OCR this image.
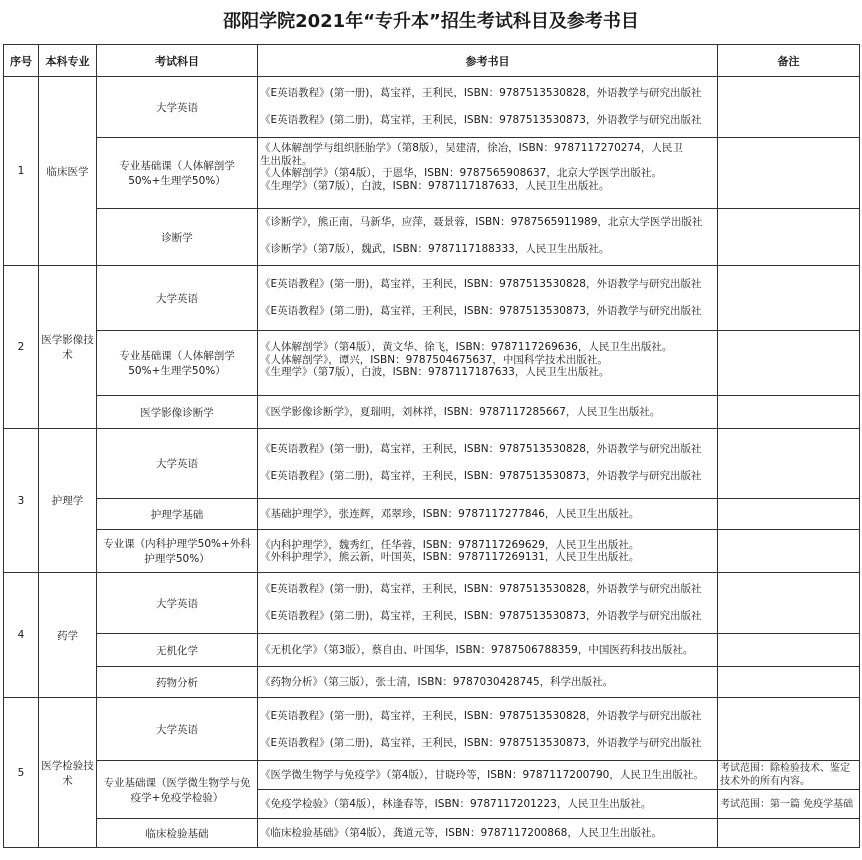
邵阳学院2021年“专升本”招生考试科目及参考书目
序号	本科专业	考试科目	参考书目	备注
1	临床医学	大学英语	《E英语教程》(第一册)，葛宝祥，王利民，ISBN：9787513530828，外语教学与研究出版社
《E英语教程》(第二册)，葛宝祥，王利民，ISBN：9787513530873，外语教学与研究出版社	

		专业基础课（人体解剖学50%+生理学50%）	《人体解剖学与组织胚胎学》（第8版），吴建清，徐冶，ISBN：9787117270274，人民卫
生出版社。
《人体解剖学》（第4版），于恩华，ISBN：9787565908637，北京大学医学出版社。
《生理学》（第7版），白波，ISBN：9787117187633，人民卫生出版社。	

		诊断学	《诊断学》，熊正南，马新华，应萍，聂景蓉，ISBN：9787565911989，北京大学医学出版社
《诊断学》（第7版），魏武，ISBN：9787117188333，人民卫生出版社。	

2	医学影像技术	大学英语	《E英语教程》(第一册)，葛宝祥，王利民，ISBN：9787513530828，外语教学与研究出版社
《E英语教程》(第二册)，葛宝祥，王利民，ISBN：9787513530873，外语教学与研究出版社	

		专业基础课（人体解剖学50%+生理学50%）	《人体解剖学》（第4版），黄文华、徐飞，ISBN：9787117269636，人民卫生出版社。
《人体解剖学》，谭兴，ISBN：9787504675637，中国科学技术出版社。
《生理学》（第7版），白波，ISBN：9787117187633，人民卫生出版社。	

		医学影像诊断学	《医学影像诊断学》，夏瑞明，刘林祥，ISBN：9787117285667，人民卫生出版社。	

3	护理学	大学英语	《E英语教程》(第一册)，葛宝祥，王利民，ISBN：9787513530828，外语教学与研究出版社
《E英语教程》(第二册)，葛宝祥，王利民，ISBN：9787513530873，外语教学与研究出版社	

		护理学基础	《基础护理学》，张连辉，邓翠珍，ISBN：9787117277846，人民卫生出版社。	

		专业课（内科护理学50%+外科护理学50%）	《内科护理学》，魏秀红，任华蓉，ISBN：9787117269629，人民卫生出版社。
《外科护理学》，熊云新，叶国英，ISBN：9787117269131，人民卫生出版社。	

4	药学	大学英语	《E英语教程》(第一册)，葛宝祥，王利民，ISBN：9787513530828，外语教学与研究出版社
《E英语教程》(第二册)，葛宝祥，王利民，ISBN：9787513530873，外语教学与研究出版社	

		无机化学	《无机化学》（第3版），蔡自由、叶国华，ISBN：9787506788359，中国医药科技出版社。	

		药物分析	《药物分析》（第三版），张士清，ISBN：9787030428745，科学出版社。	

5	医学检验技术	大学英语	《E英语教程》(第一册)，葛宝祥，王利民，ISBN：9787513530828，外语教学与研究出版社
《E英语教程》(第二册)，葛宝祥，王利民，ISBN：9787513530873，外语教学与研究出版社	

		专业基础课（医学微生物学与免疫学+免疫学检验）	《医学微生物学与免疫学》（第4版），甘晓玲等，ISBN：9787117200790，人民卫生出版社。	考试范围：除检验技术、鉴定技术外的所有内容。

			《免疫学检验》（第4版），林逢春等，ISBN：9787117201223，人民卫生出版社。	考试范围：第一篇 免疫学基础
		临床检验基础	《临床检验基础》（第4版），龚道元等，ISBN：9787117200868，人民卫生出版社。	
